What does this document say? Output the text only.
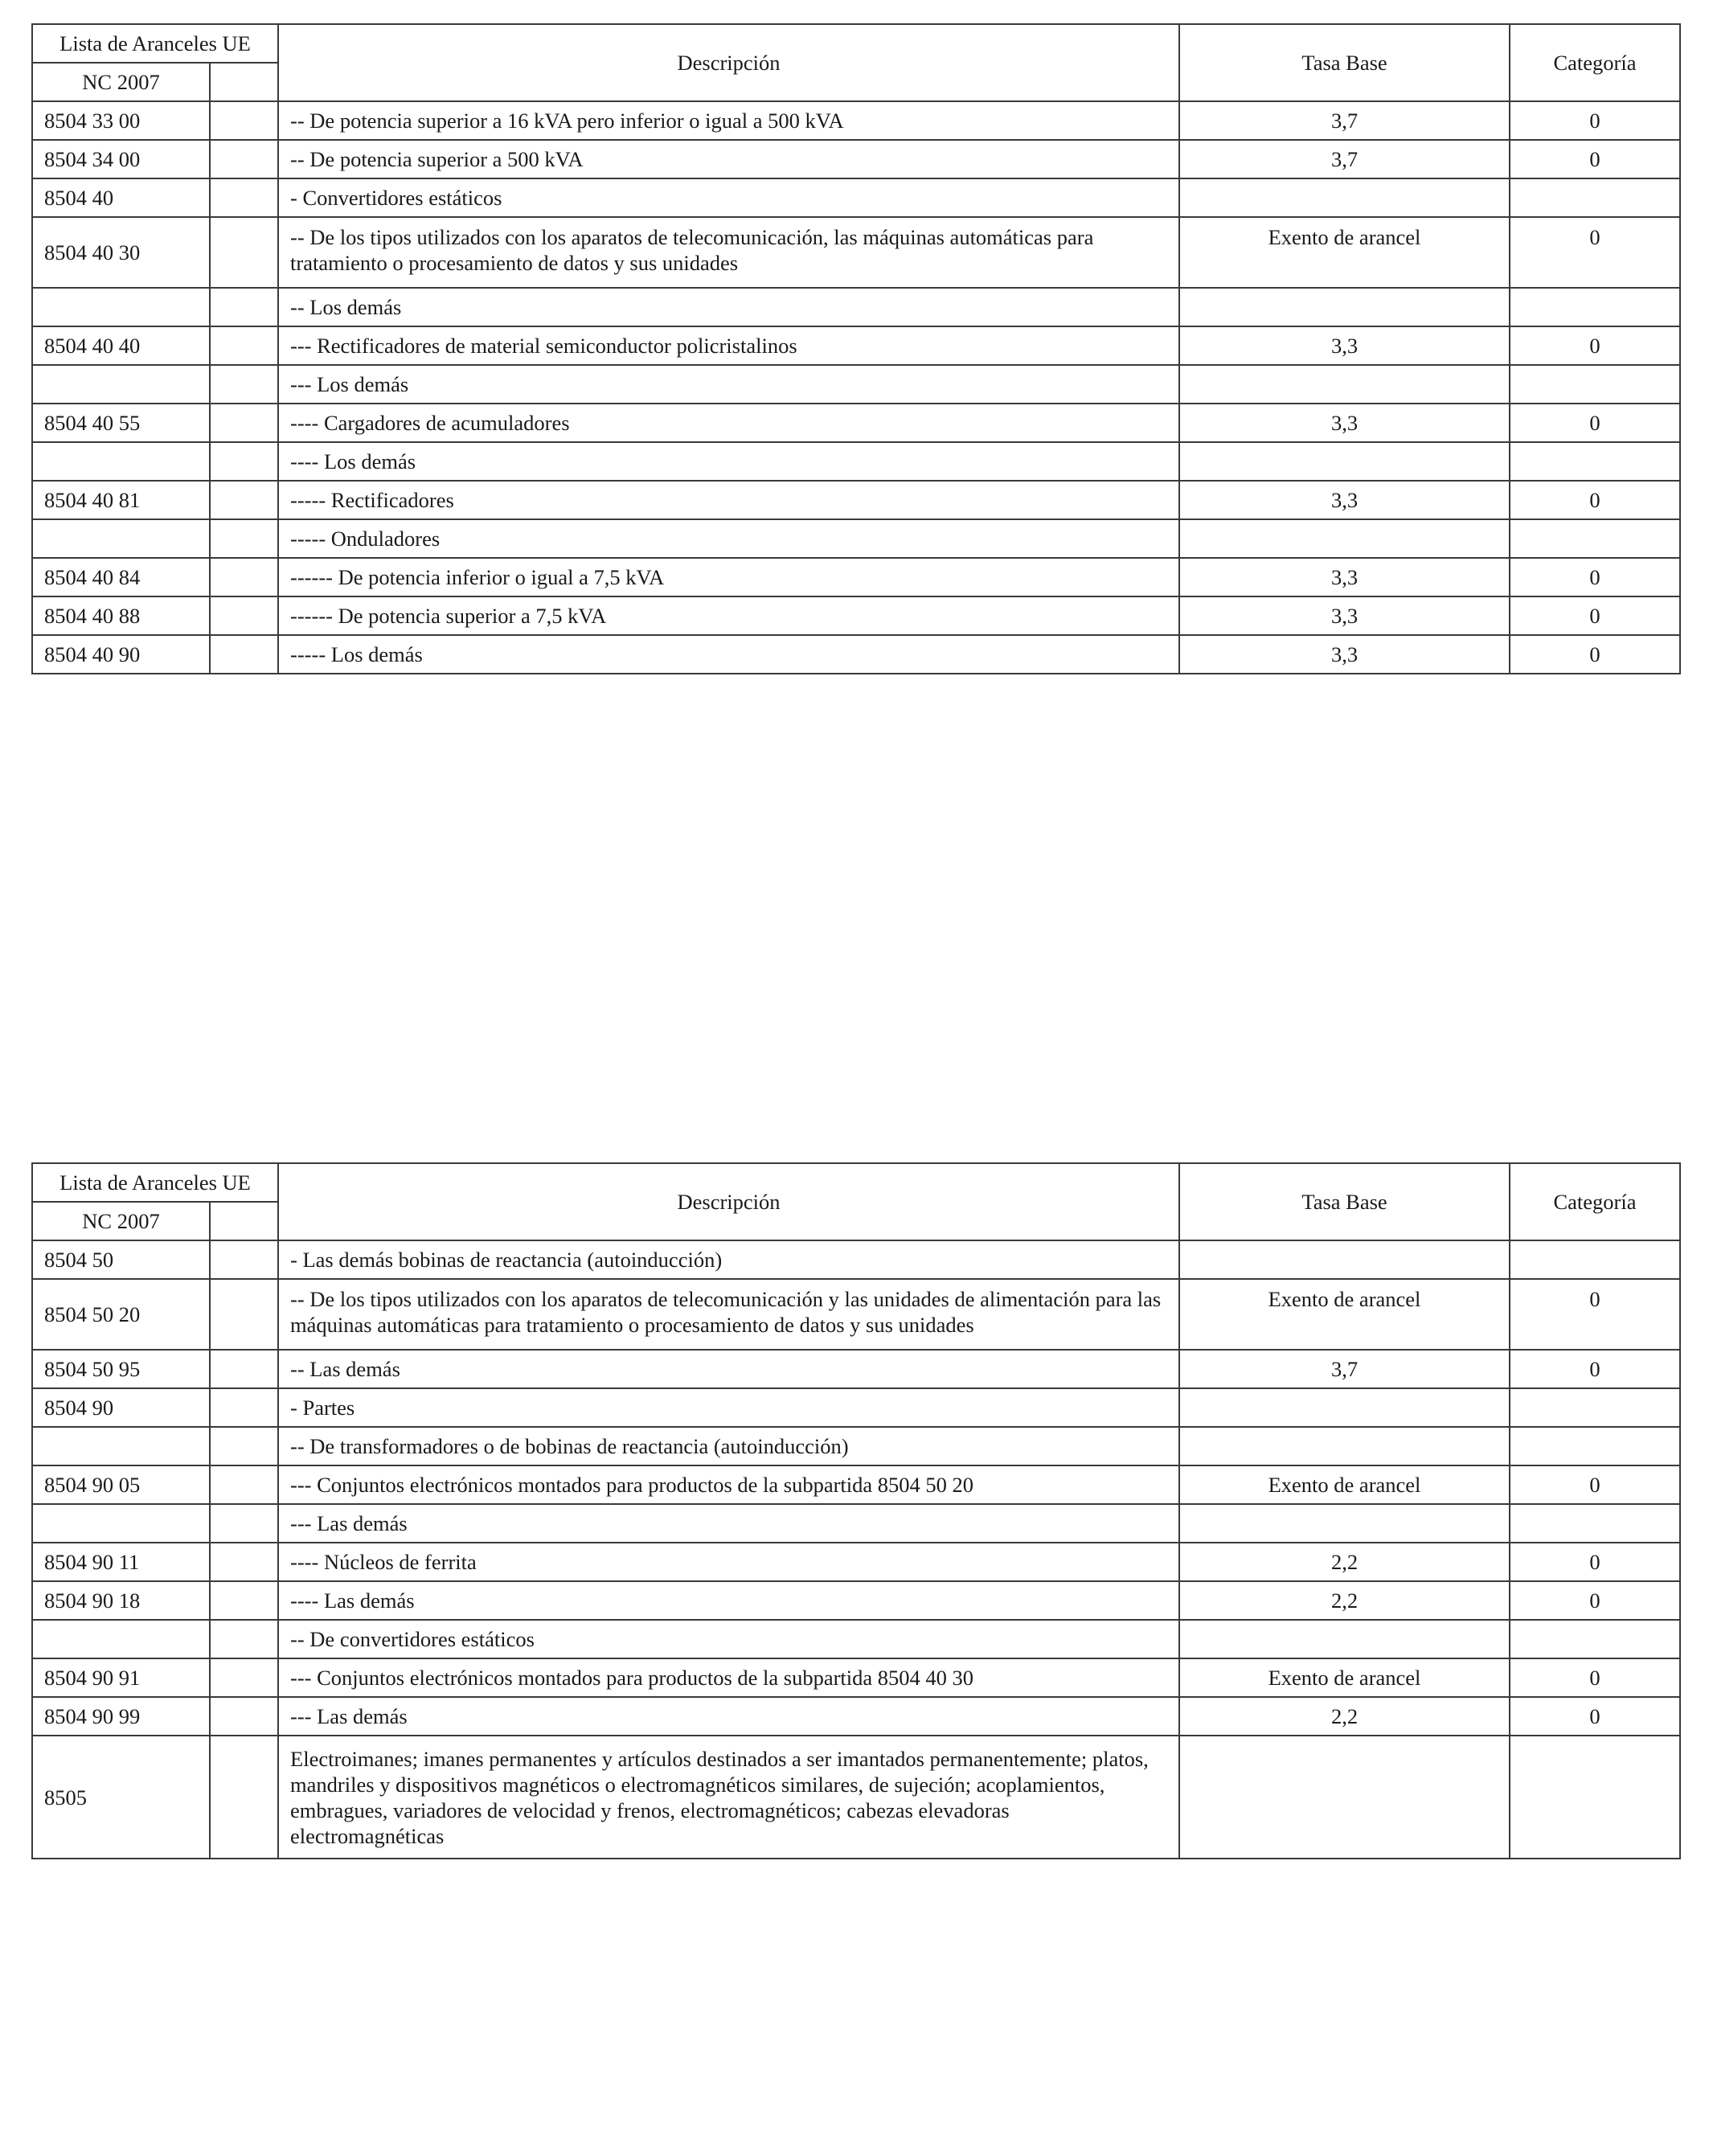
Lista de Aranceles UE		Descripción	Tasa Base	Categoría
NC 2007				
8504 33 00		-- De potencia superior a 16 kVA pero inferior o igual a 500 kVA	3,7	0
8504 34 00		-- De potencia superior a 500 kVA	3,7	0
8504 40		- Convertidores estáticos		
8504 40 30		-- De los tipos utilizados con los aparatos de telecomunicación, las máquinas automáticas para tratamiento o procesamiento de datos y sus unidades	Exento de arancel	0
		-- Los demás		
8504 40 40		--- Rectificadores de material semiconductor policristalinos	3,3	0
		--- Los demás		
8504 40 55		---- Cargadores de acumuladores	3,3	0
		---- Los demás		
8504 40 81		----- Rectificadores	3,3	0
		----- Onduladores		
8504 40 84		------ De potencia inferior o igual a 7,5 kVA	3,3	0
8504 40 88		------ De potencia superior a 7,5 kVA	3,3	0
8504 40 90		----- Los demás	3,3	0
Lista de Aranceles UE		Descripción	Tasa Base	Categoría
NC 2007				
8504 50		- Las demás bobinas de reactancia (autoinducción)		
8504 50 20		-- De los tipos utilizados con los aparatos de telecomunicación y las unidades de alimentación para las máquinas automáticas para tratamiento o procesamiento de datos y sus unidades	Exento de arancel	0
8504 50 95		-- Las demás	3,7	0
8504 90		- Partes		
		-- De transformadores o de bobinas de reactancia (autoinducción)		
8504 90 05		--- Conjuntos electrónicos montados para productos de la subpartida 8504 50 20	Exento de arancel	0
		--- Las demás		
8504 90 11		---- Núcleos de ferrita	2,2	0
8504 90 18		---- Las demás	2,2	0
		-- De convertidores estáticos		
8504 90 91		--- Conjuntos electrónicos montados para productos de la subpartida 8504 40 30	Exento de arancel	0
8504 90 99		--- Las demás	2,2	0
8505		Electroimanes; imanes permanentes y artículos destinados a ser imantados permanentemente; platos, mandriles y dispositivos magnéticos o electromagnéticos similares, de sujeción; acoplamientos, embragues, variadores de velocidad y frenos, electromagnéticos; cabezas elevadoras electromagnéticas		
